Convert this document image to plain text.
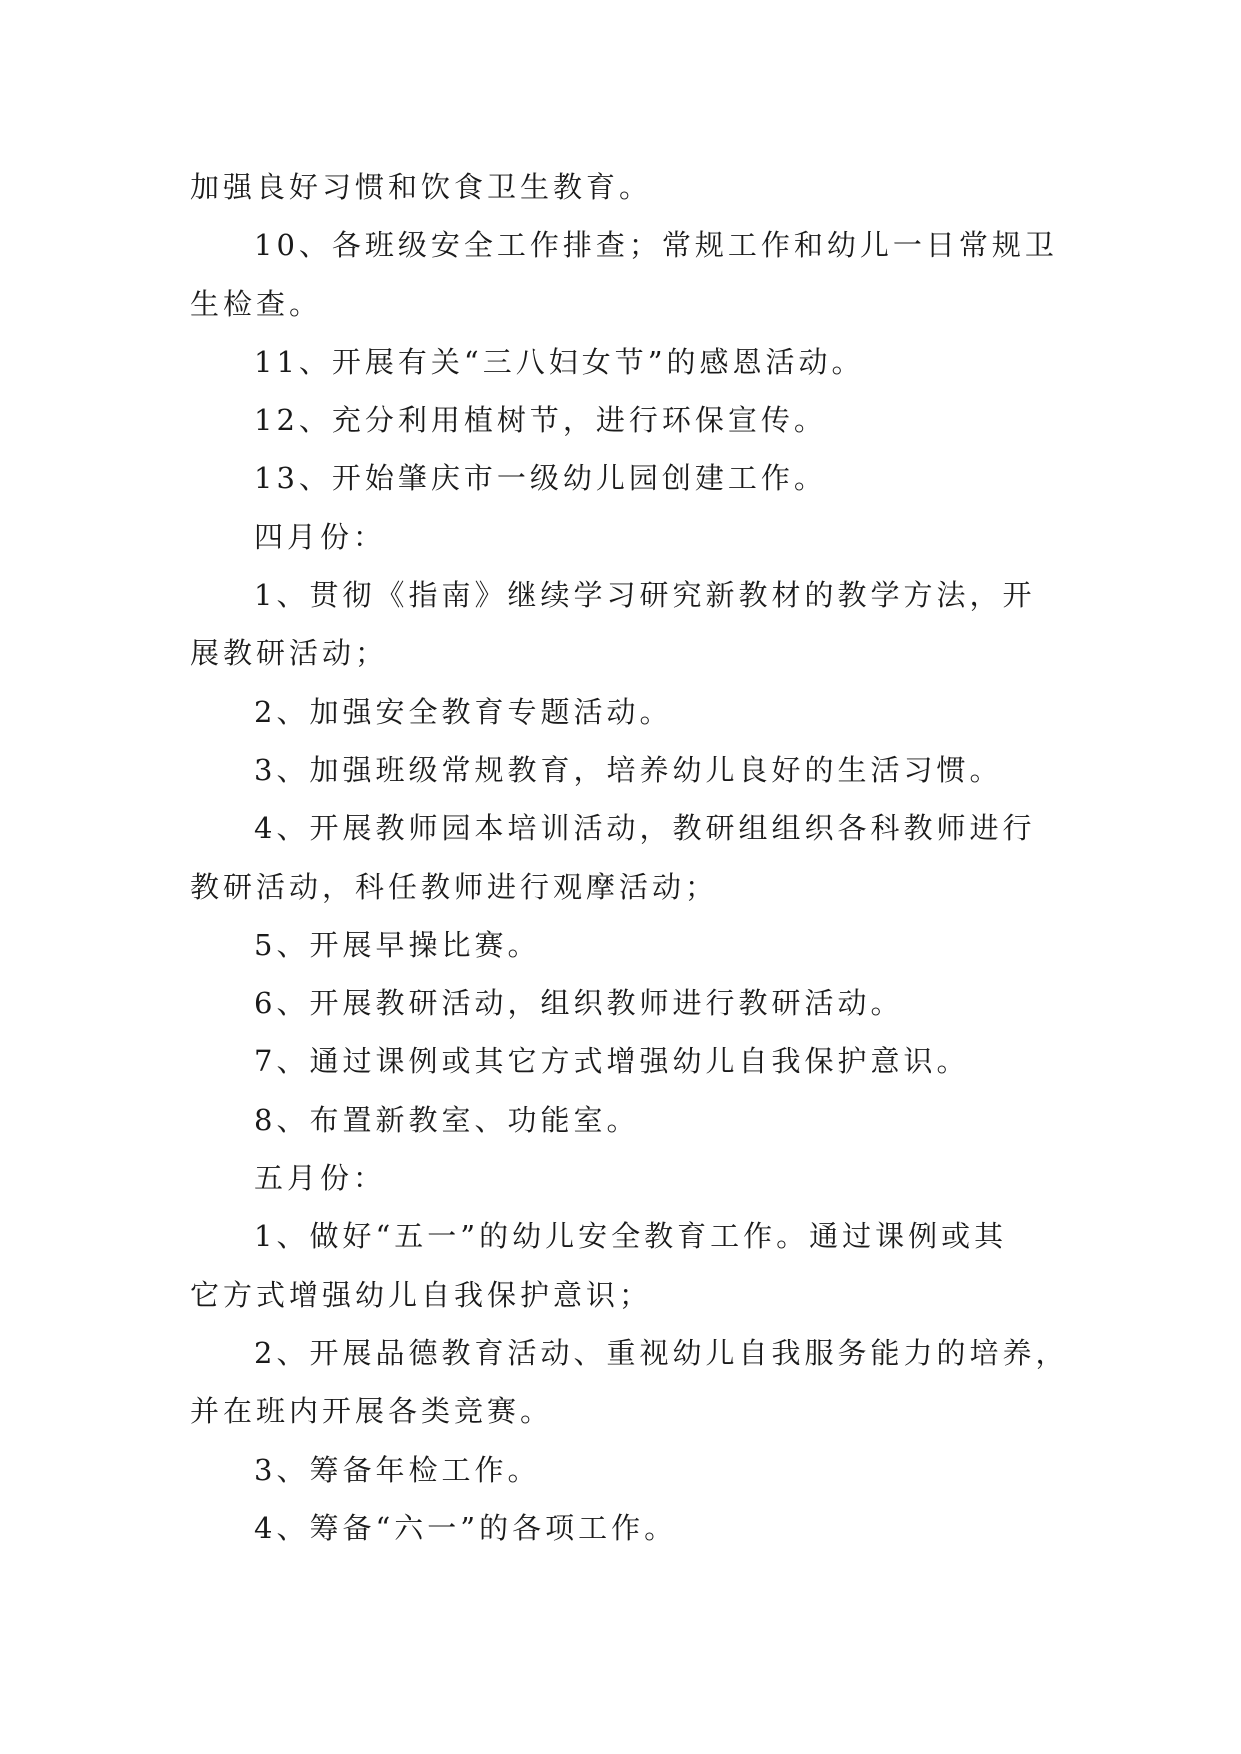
加强良好习惯和饮食卫生教育。
10、各班级安全工作排查；常规工作和幼儿一日常规卫
生检查。
11、开展有关“三八妇女节”的感恩活动。
12、充分利用植树节，进行环保宣传。
13、开始肇庆市一级幼儿园创建工作。
四月份：
1、贯彻《指南》继续学习研究新教材的教学方法，开
展教研活动；
2、加强安全教育专题活动。
3、加强班级常规教育，培养幼儿良好的生活习惯。
4、开展教师园本培训活动，教研组组织各科教师进行
教研活动，科任教师进行观摩活动；
5、开展早操比赛。
6、开展教研活动，组织教师进行教研活动。
7、通过课例或其它方式增强幼儿自我保护意识。
8、布置新教室、功能室。
五月份：
1、做好“五一”的幼儿安全教育工作。通过课例或其
它方式增强幼儿自我保护意识；
2、开展品德教育活动、重视幼儿自我服务能力的培养，
并在班内开展各类竞赛。
3、筹备年检工作。
4、筹备“六一”的各项工作。
